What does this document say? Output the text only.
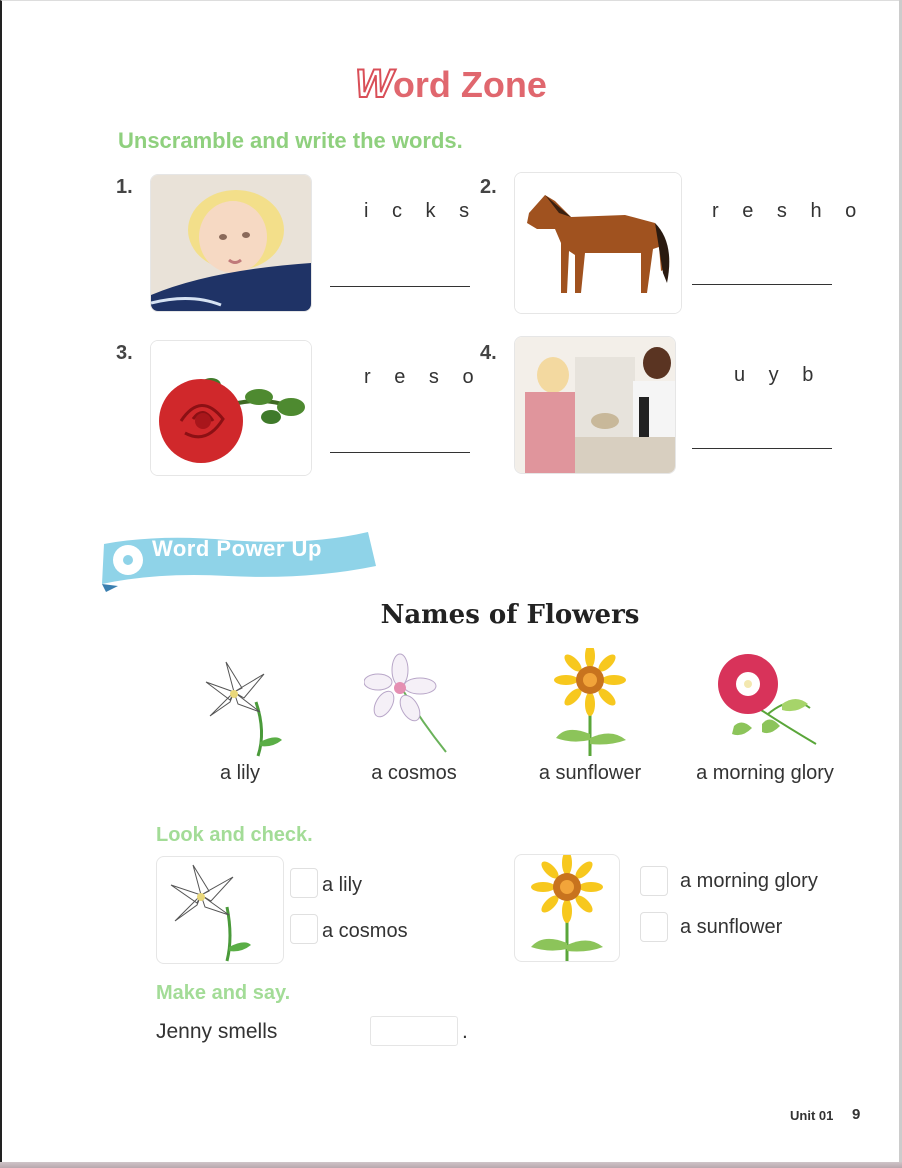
Word Zone
Unscramble and write the words.
1.
i c k s
2.
r e s h o
3.
r e s o
4.
u y b
Word Power Up
Names of Flowers
a lily	a cosmos	a sunflower	a morning glory
Look and check.
a lily
a cosmos
a morning glory
a sunflower
Make and say.
Jenny smells	.
Unit 01 9
